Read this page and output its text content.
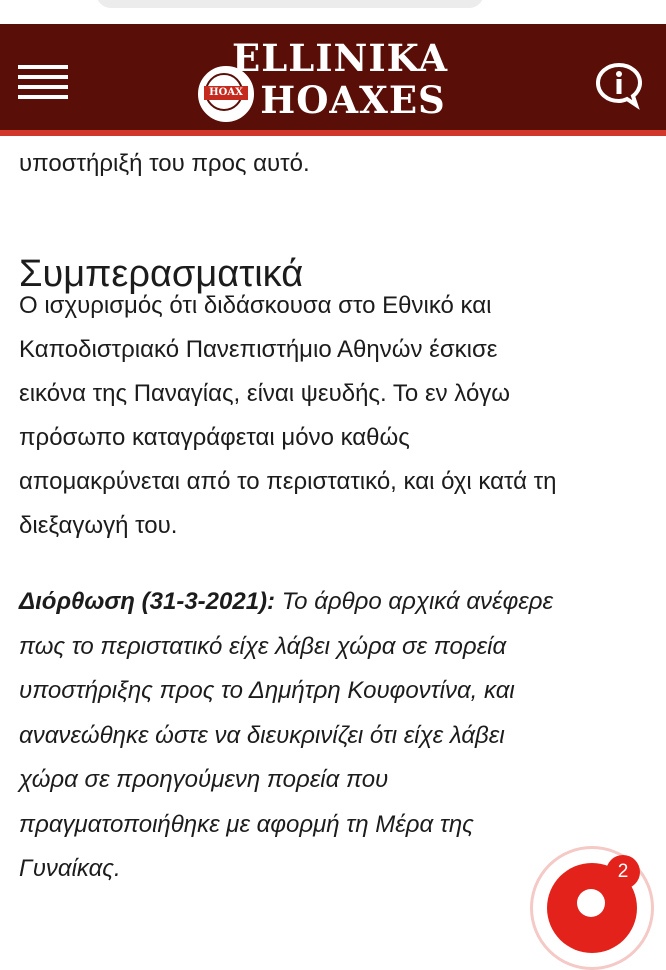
HOAX
ELLINIKA
HOAXES
υποστήριξή του προς αυτό.
Συμπερασματικά

Ο ισχυρισμός ότι διδάσκουσα στο Εθνικό και
Καποδιστριακό Πανεπιστήμιο Αθηνών έσκισε
εικόνα της Παναγίας, είναι ψευδής. Το εν λόγω
πρόσωπο καταγράφεται μόνο καθώς
απομακρύνεται από το περιστατικό, και όχι κατά τη
διεξαγωγή του.

Διόρθωση (31-3-2021): Το άρθρο αρχικά ανέφερε
πως το περιστατικό είχε λάβει χώρα σε πορεία
υποστήριξης προς το Δημήτρη Κουφοντίνα, και
ανανεώθηκε ώστε να διευκρινίζει ότι είχε λάβει
χώρα σε προηγούμενη πορεία που
πραγματοποιήθηκε με αφορμή τη Μέρα της
Γυναίκας.	2
